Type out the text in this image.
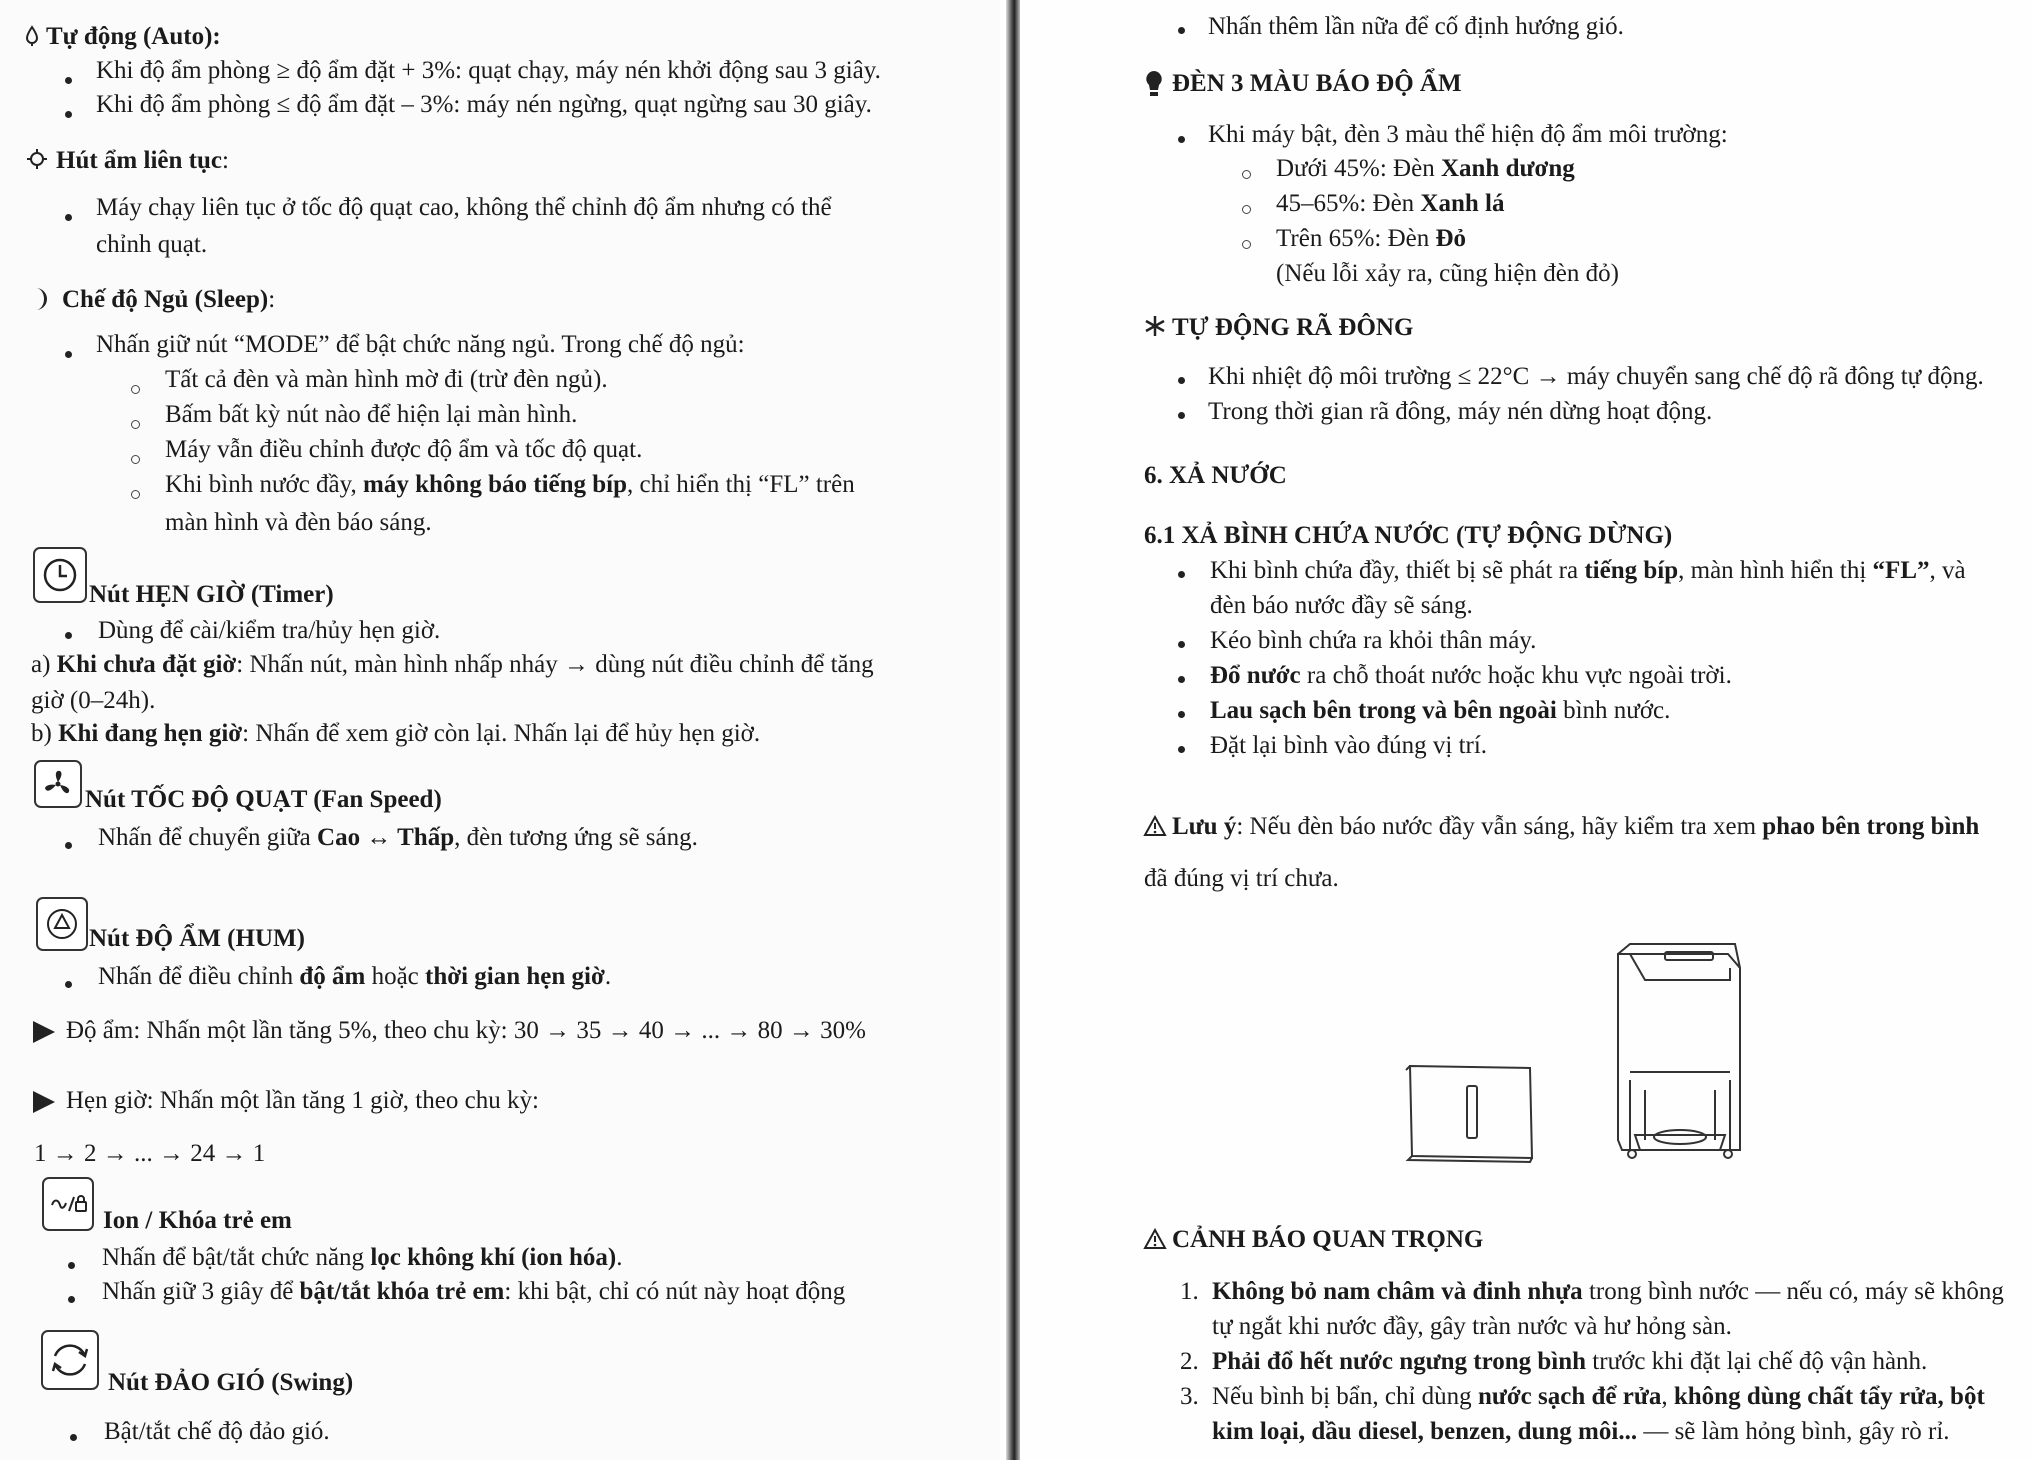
Tự động (Auto):
Khi độ ẩm phòng ≥ độ ẩm đặt + 3%: quạt chạy, máy nén khởi động sau 3 giây.
Khi độ ẩm phòng ≤ độ ẩm đặt – 3%: máy nén ngừng, quạt ngừng sau 30 giây.
Hút ẩm liên tục:
Máy chạy liên tục ở tốc độ quạt cao, không thể chỉnh độ ẩm nhưng có thể
chỉnh quạt.
Chế độ Ngủ (Sleep):
Nhấn giữ nút “MODE” để bật chức năng ngủ. Trong chế độ ngủ:
Tất cả đèn và màn hình mờ đi (trừ đèn ngủ).
Bấm bất kỳ nút nào để hiện lại màn hình.
Máy vẫn điều chỉnh được độ ẩm và tốc độ quạt.
Khi bình nước đầy, máy không báo tiếng bíp, chỉ hiển thị “FL” trên
màn hình và đèn báo sáng.
Nút HẸN GIỜ (Timer)
Dùng để cài/kiểm tra/hủy hẹn giờ.
a) Khi chưa đặt giờ: Nhấn nút, màn hình nhấp nháy → dùng nút điều chỉnh để tăng
giờ (0–24h).
b) Khi đang hẹn giờ: Nhấn để xem giờ còn lại. Nhấn lại để hủy hẹn giờ.
Nút TỐC ĐỘ QUẠT (Fan Speed)
Nhấn để chuyển giữa Cao ↔ Thấp, đèn tương ứng sẽ sáng.
Nút ĐỘ ẨM (HUM)
Nhấn để điều chỉnh độ ẩm hoặc thời gian hẹn giờ.
Độ ẩm: Nhấn một lần tăng 5%, theo chu kỳ: 30 → 35 → 40 → ... → 80 → 30%
Hẹn giờ: Nhấn một lần tăng 1 giờ, theo chu kỳ:
1 → 2 → ... → 24 → 1
Ion / Khóa trẻ em
Nhấn để bật/tắt chức năng lọc không khí (ion hóa).
Nhấn giữ 3 giây để bật/tắt khóa trẻ em: khi bật, chỉ có nút này hoạt động
Nút ĐẢO GIÓ (Swing)
Bật/tắt chế độ đảo gió.
Nhấn thêm lần nữa để cố định hướng gió.
ĐÈN 3 MÀU BÁO ĐỘ ẨM
Khi máy bật, đèn 3 màu thể hiện độ ẩm môi trường:
Dưới 45%: Đèn Xanh dương
45–65%: Đèn Xanh lá
Trên 65%: Đèn Đỏ
(Nếu lỗi xảy ra, cũng hiện đèn đỏ)
TỰ ĐỘNG RÃ ĐÔNG
Khi nhiệt độ môi trường ≤ 22°C → máy chuyển sang chế độ rã đông tự động.
Trong thời gian rã đông, máy nén dừng hoạt động.
6. XẢ NƯỚC
6.1 XẢ BÌNH CHỨA NƯỚC (TỰ ĐỘNG DỪNG)
Khi bình chứa đầy, thiết bị sẽ phát ra tiếng bíp, màn hình hiển thị “FL”, và
đèn báo nước đầy sẽ sáng.
Kéo bình chứa ra khỏi thân máy.
Đổ nước ra chỗ thoát nước hoặc khu vực ngoài trời.
Lau sạch bên trong và bên ngoài bình nước.
Đặt lại bình vào đúng vị trí.
Lưu ý: Nếu đèn báo nước đầy vẫn sáng, hãy kiểm tra xem phao bên trong bình
đã đúng vị trí chưa.
CẢNH BÁO QUAN TRỌNG
1. Không bỏ nam châm và đinh nhựa trong bình nước — nếu có, máy sẽ không
tự ngắt khi nước đầy, gây tràn nước và hư hỏng sàn.
2. Phải đổ hết nước ngưng trong bình trước khi đặt lại chế độ vận hành.
3. Nếu bình bị bẩn, chỉ dùng nước sạch để rửa, không dùng chất tẩy rửa, bột
kim loại, dầu diesel, benzen, dung môi... — sẽ làm hỏng bình, gây rò rỉ.
